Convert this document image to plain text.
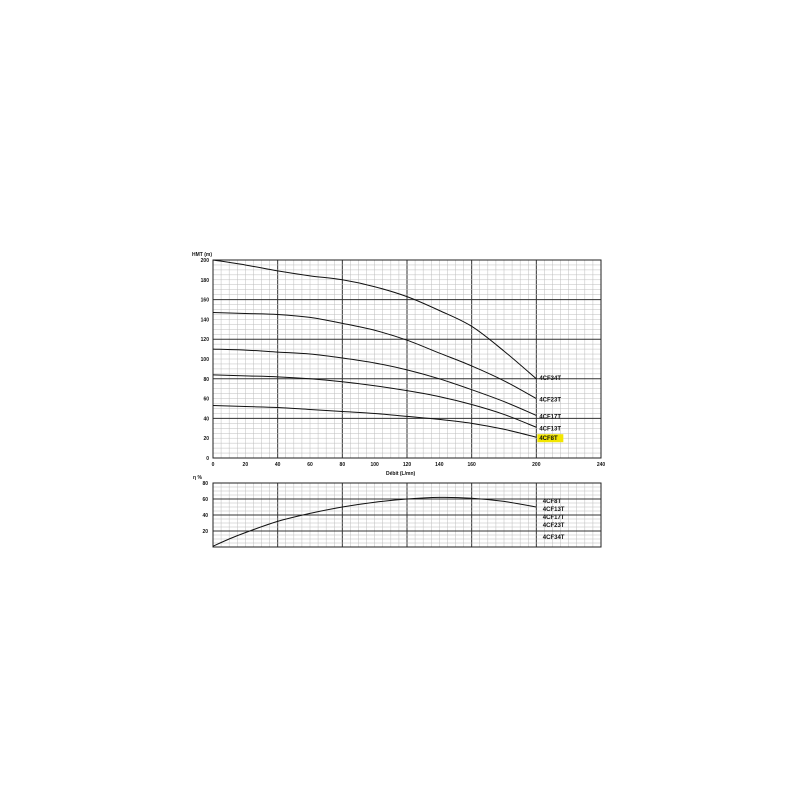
HMT (m)
Débit (L/mn)
0
20
40
60
80
100
120
140
160
180
200
0	20	40	60	80	100	120	140	160	200	240
4CF34T
4CF23T
4CF17T
4CF13T
4CF8T
η %
20
40
60
80
4CF8T
4CF13T
4CF17T
4CF23T
4CF34T
